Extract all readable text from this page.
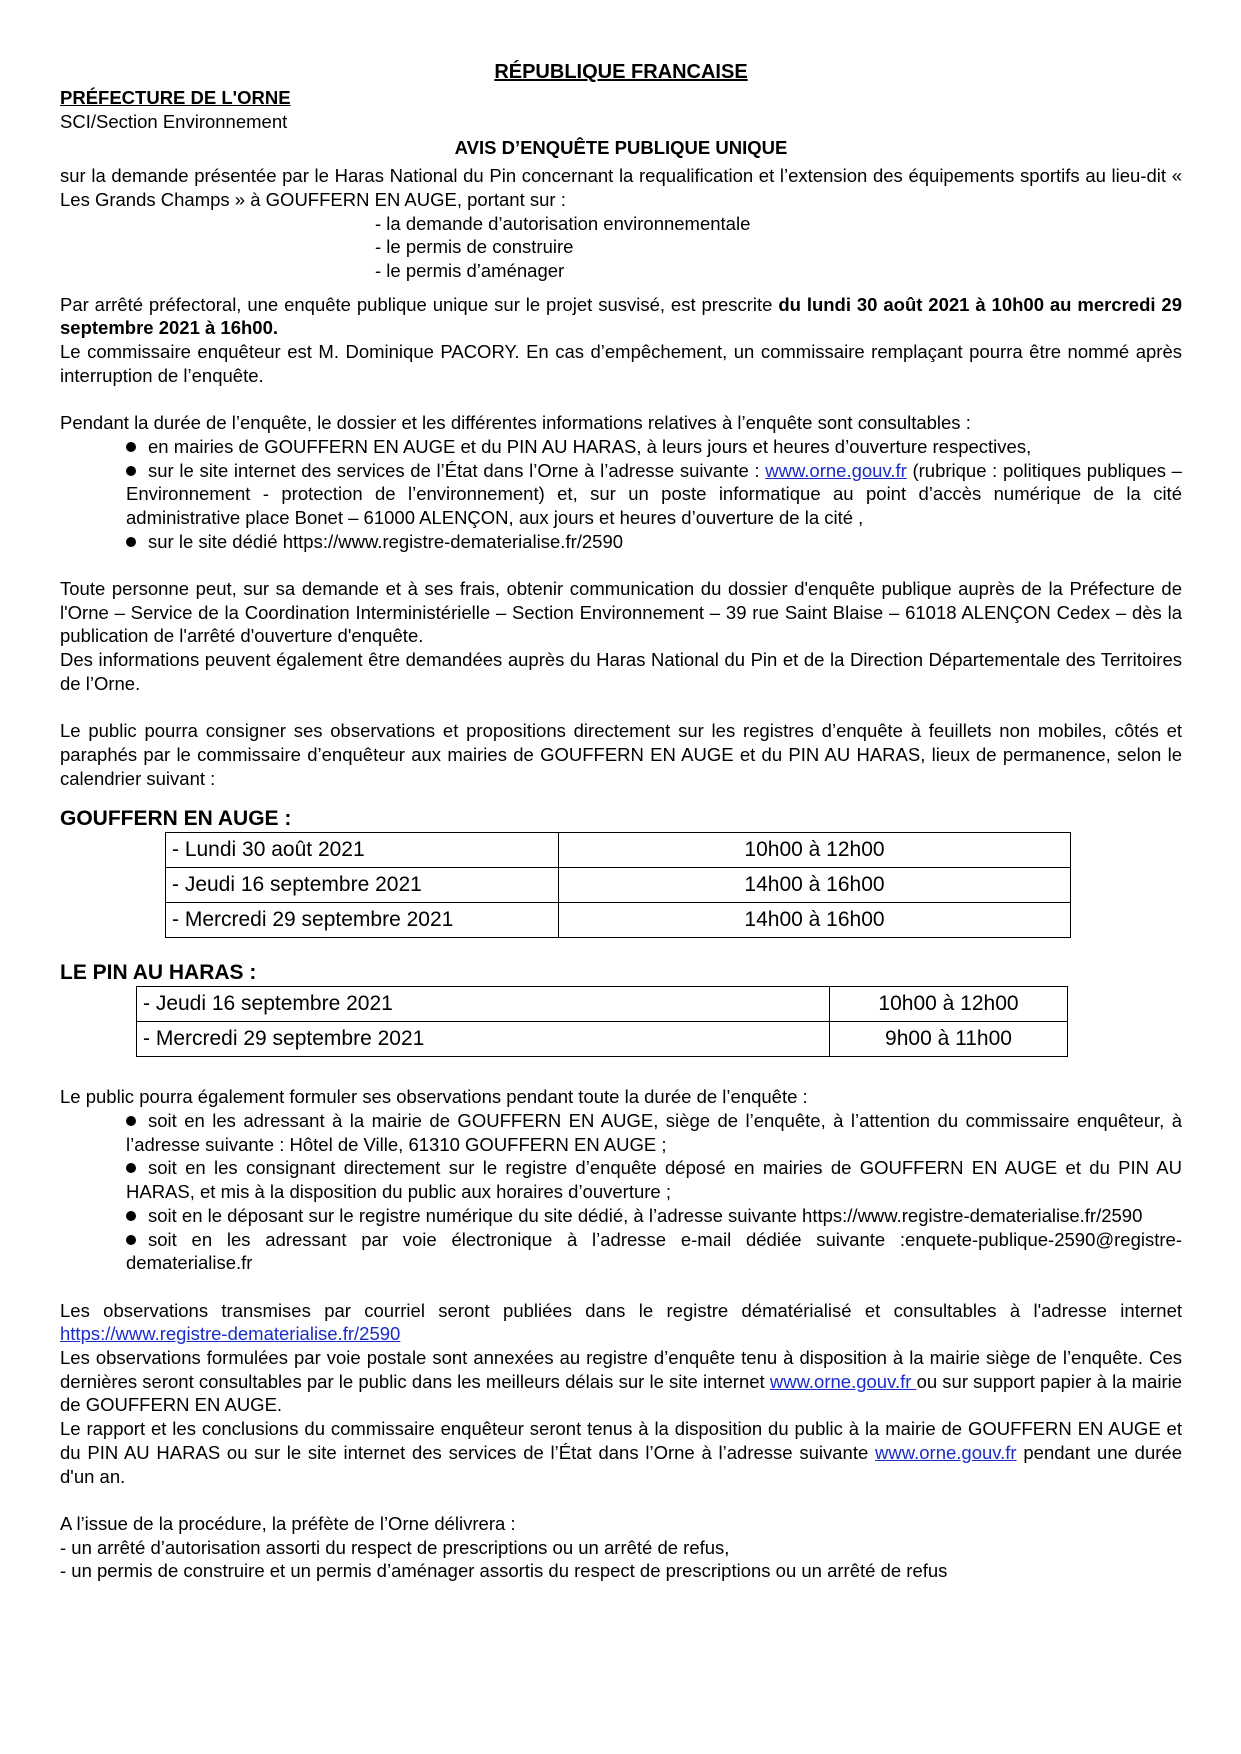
RÉPUBLIQUE FRANCAISE
PRÉFECTURE DE L'ORNE
SCI/Section Environnement
AVIS D’ENQUÊTE PUBLIQUE UNIQUE
sur la demande présentée par le Haras National du Pin concernant la requalification et l’extension des équipements sportifs au lieu-dit « Les Grands Champs » à GOUFFERN EN AUGE, portant sur :
- la demande d’autorisation environnementale
- le permis de construire
- le permis d’aménager
Par arrêté préfectoral, une enquête publique unique sur le projet susvisé, est prescrite du lundi 30 août 2021 à 10h00 au mercredi 29 septembre 2021 à 16h00.
Le commissaire enquêteur est M. Dominique PACORY. En cas d’empêchement, un commissaire remplaçant pourra être nommé après interruption de l’enquête.
Pendant la durée de l’enquête, le dossier et les différentes informations relatives à l’enquête sont consultables :
en mairies de GOUFFERN EN AUGE et du PIN AU HARAS, à leurs jours et heures d’ouverture respectives,
sur le site internet des services de l’État dans l’Orne à l’adresse suivante : www.orne.gouv.fr (rubrique : politiques publiques – Environnement - protection de l’environnement) et, sur un poste informatique au point d’accès numérique de la cité administrative place Bonet – 61000 ALENÇON, aux jours et heures d’ouverture de la cité ,
sur le site dédié https://www.registre-dematerialise.fr/2590
Toute personne peut, sur sa demande et à ses frais, obtenir communication du dossier d'enquête publique auprès de la Préfecture de l'Orne – Service de la Coordination Interministérielle – Section Environnement – 39 rue Saint Blaise – 61018 ALENÇON Cedex – dès la publication de l'arrêté d'ouverture d'enquête.
Des informations peuvent également être demandées auprès du Haras National du Pin et de la Direction Départementale des Territoires de l’Orne.
Le public pourra consigner ses observations et propositions directement sur les registres d’enquête à feuillets non mobiles, côtés et paraphés par le commissaire d’enquêteur aux mairies de GOUFFERN EN AUGE et du PIN AU HARAS, lieux de permanence, selon le calendrier suivant :
GOUFFERN EN AUGE :
- Lundi 30 août 2021	10h00 à 12h00
- Jeudi 16 septembre 2021	14h00 à 16h00
- Mercredi 29 septembre 2021	14h00 à 16h00
LE PIN AU HARAS :
- Jeudi 16 septembre 2021	10h00 à 12h00
- Mercredi 29 septembre 2021	9h00 à 11h00
Le public pourra également formuler ses observations pendant toute la durée de l’enquête :
soit en les adressant à la mairie de GOUFFERN EN AUGE, siège de l’enquête, à l’attention du commissaire enquêteur, à l’adresse suivante : Hôtel de Ville, 61310 GOUFFERN EN AUGE ;
soit en les consignant directement sur le registre d’enquête déposé en mairies de GOUFFERN EN AUGE et du PIN AU HARAS, et mis à la disposition du public aux horaires d’ouverture ;
soit en le déposant sur le registre numérique du site dédié, à l’adresse suivante https://www.registre-dematerialise.fr/2590
soit en les adressant par voie électronique à l’adresse e-mail dédiée suivante :enquete-publique-2590@registre-dematerialise.fr
Les observations transmises par courriel seront publiées dans le registre dématérialisé et consultables à l'adresse internet https://www.registre-dematerialise.fr/2590
Les observations formulées par voie postale sont annexées au registre d’enquête tenu à disposition à la mairie siège de l’enquête. Ces dernières seront consultables par le public dans les meilleurs délais sur le site internet www.orne.gouv.fr ou sur support papier à la mairie de GOUFFERN EN AUGE.
Le rapport et les conclusions du commissaire enquêteur seront tenus à la disposition du public à la mairie de GOUFFERN EN AUGE et du PIN AU HARAS ou sur le site internet des services de l’État dans l’Orne à l’adresse suivante www.orne.gouv.fr pendant une durée d'un an.
A l’issue de la procédure, la préfète de l’Orne délivrera :
- un arrêté d’autorisation assorti du respect de prescriptions ou un arrêté de refus,
- un permis de construire et un permis d’aménager assortis du respect de prescriptions ou un arrêté de refus
